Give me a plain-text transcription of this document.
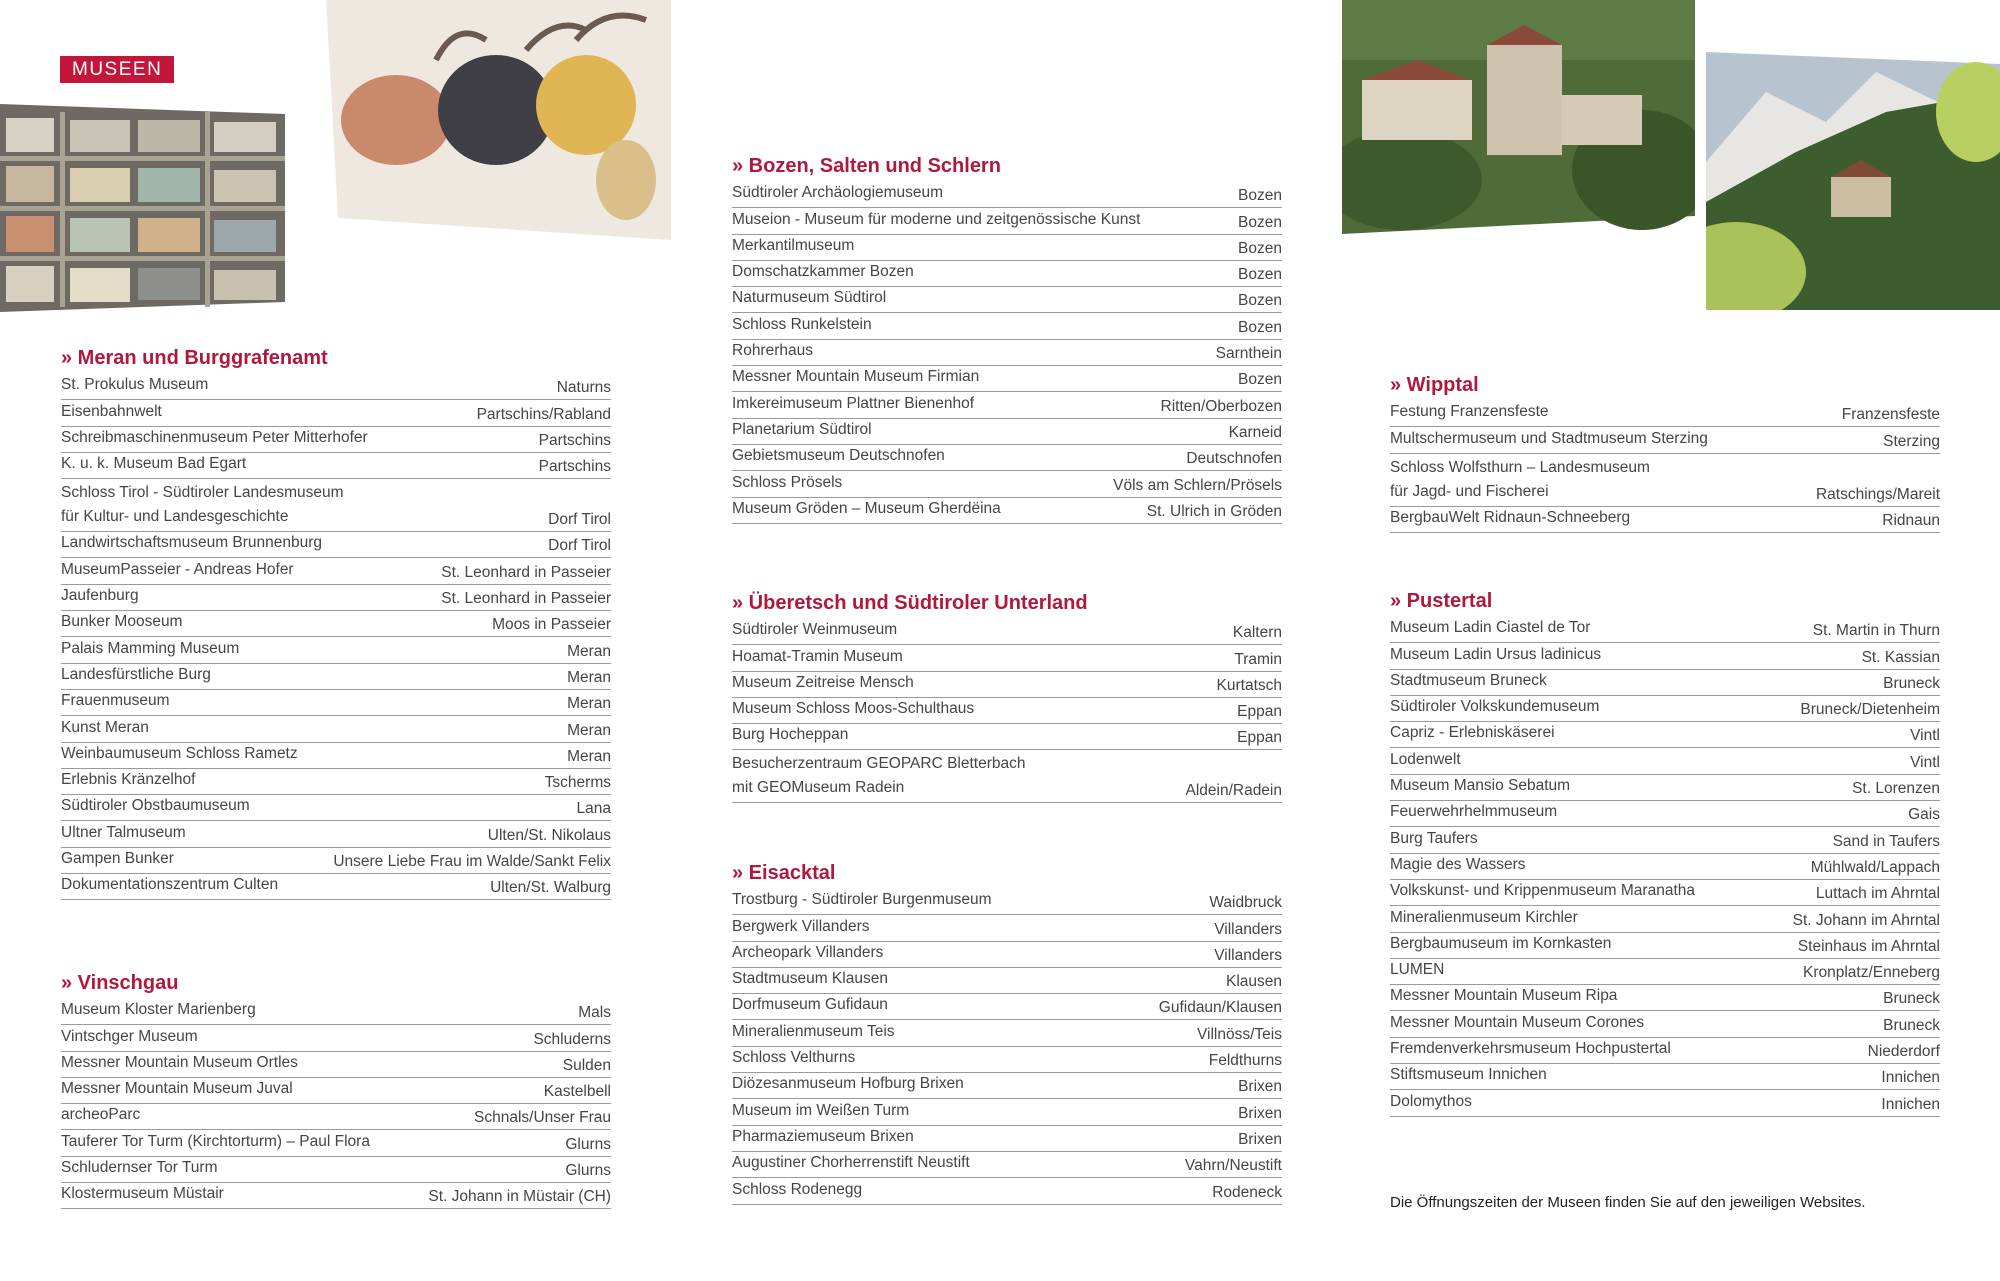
MUSEEN
» Meran und Burggrafenamt
St. Prokulus Museum	Naturns
Eisenbahnwelt	Partschins/Rabland
Schreibmaschinenmuseum Peter Mitterhofer	Partschins
K. u. k. Museum Bad Egart	Partschins
Schloss Tirol - Südtiroler Landesmuseum
für Kultur- und Landesgeschichte	Dorf Tirol
Landwirtschaftsmuseum Brunnenburg	Dorf Tirol
MuseumPasseier - Andreas Hofer	St. Leonhard in Passeier
Jaufenburg	St. Leonhard in Passeier
Bunker Mooseum	Moos in Passeier
Palais Mamming Museum	Meran
Landesfürstliche Burg	Meran
Frauenmuseum	Meran
Kunst Meran	Meran
Weinbaumuseum Schloss Rametz	Meran
Erlebnis Kränzelhof	Tscherms
Südtiroler Obstbaumuseum	Lana
Ultner Talmuseum	Ulten/St. Nikolaus
Gampen Bunker	Unsere Liebe Frau im Walde/Sankt Felix
Dokumentationszentrum Culten	Ulten/St. Walburg
» Vinschgau
Museum Kloster Marienberg	Mals
Vintschger Museum	Schluderns
Messner Mountain Museum Ortles	Sulden
Messner Mountain Museum Juval	Kastelbell
archeoParc	Schnals/Unser Frau
Tauferer Tor Turm (Kirchtorturm) – Paul Flora	Glurns
Schludernser Tor Turm	Glurns
Klostermuseum Müstair	St. Johann in Müstair (CH)
» Bozen, Salten und Schlern
Südtiroler Archäologiemuseum	Bozen
Museion - Museum für moderne und zeitgenössische Kunst	Bozen
Merkantilmuseum	Bozen
Domschatzkammer Bozen	Bozen
Naturmuseum Südtirol	Bozen
Schloss Runkelstein	Bozen
Rohrerhaus	Sarnthein
Messner Mountain Museum Firmian	Bozen
Imkereimuseum Plattner Bienenhof	Ritten/Oberbozen
Planetarium Südtirol	Karneid
Gebietsmuseum Deutschnofen	Deutschnofen
Schloss Prösels	Völs am Schlern/Prösels
Museum Gröden – Museum Gherdëina	St. Ulrich in Gröden
» Überetsch und Südtiroler Unterland
Südtiroler Weinmuseum	Kaltern
Hoamat-Tramin Museum	Tramin
Museum Zeitreise Mensch	Kurtatsch
Museum Schloss Moos-Schulthaus	Eppan
Burg Hocheppan	Eppan
Besucherzentraum GEOPARC Bletterbach
mit GEOMuseum Radein	Aldein/Radein
» Eisacktal
Trostburg - Südtiroler Burgenmuseum	Waidbruck
Bergwerk Villanders	Villanders
Archeopark Villanders	Villanders
Stadtmuseum Klausen	Klausen
Dorfmuseum Gufidaun	Gufidaun/Klausen
Mineralienmuseum Teis	Villnöss/Teis
Schloss Velthurns	Feldthurns
Diözesanmuseum Hofburg Brixen	Brixen
Museum im Weißen Turm	Brixen
Pharmaziemuseum Brixen	Brixen
Augustiner Chorherrenstift Neustift	Vahrn/Neustift
Schloss Rodenegg	Rodeneck
» Wipptal
Festung Franzensfeste	Franzensfeste
Multschermuseum und Stadtmuseum Sterzing	Sterzing
Schloss Wolfsthurn – Landesmuseum
für Jagd- und Fischerei	Ratschings/Mareit
BergbauWelt Ridnaun-Schneeberg	Ridnaun
» Pustertal
Museum Ladin Ciastel de Tor	St. Martin in Thurn
Museum Ladin Ursus ladinicus	St. Kassian
Stadtmuseum Bruneck	Bruneck
Südtiroler Volkskundemuseum	Bruneck/Dietenheim
Capriz - Erlebniskäserei	Vintl
Lodenwelt	Vintl
Museum Mansio Sebatum	St. Lorenzen
Feuerwehrhelmmuseum	Gais
Burg Taufers	Sand in Taufers
Magie des Wassers	Mühlwald/Lappach
Volkskunst- und Krippenmuseum Maranatha	Luttach im Ahrntal
Mineralienmuseum Kirchler	St. Johann im Ahrntal
Bergbaumuseum im Kornkasten	Steinhaus im Ahrntal
LUMEN	Kronplatz/Enneberg
Messner Mountain Museum Ripa	Bruneck
Messner Mountain Museum Corones	Bruneck
Fremdenverkehrsmuseum Hochpustertal	Niederdorf
Stiftsmuseum Innichen	Innichen
Dolomythos	Innichen
Die Öffnungszeiten der Museen finden Sie auf den jeweiligen Websites.
